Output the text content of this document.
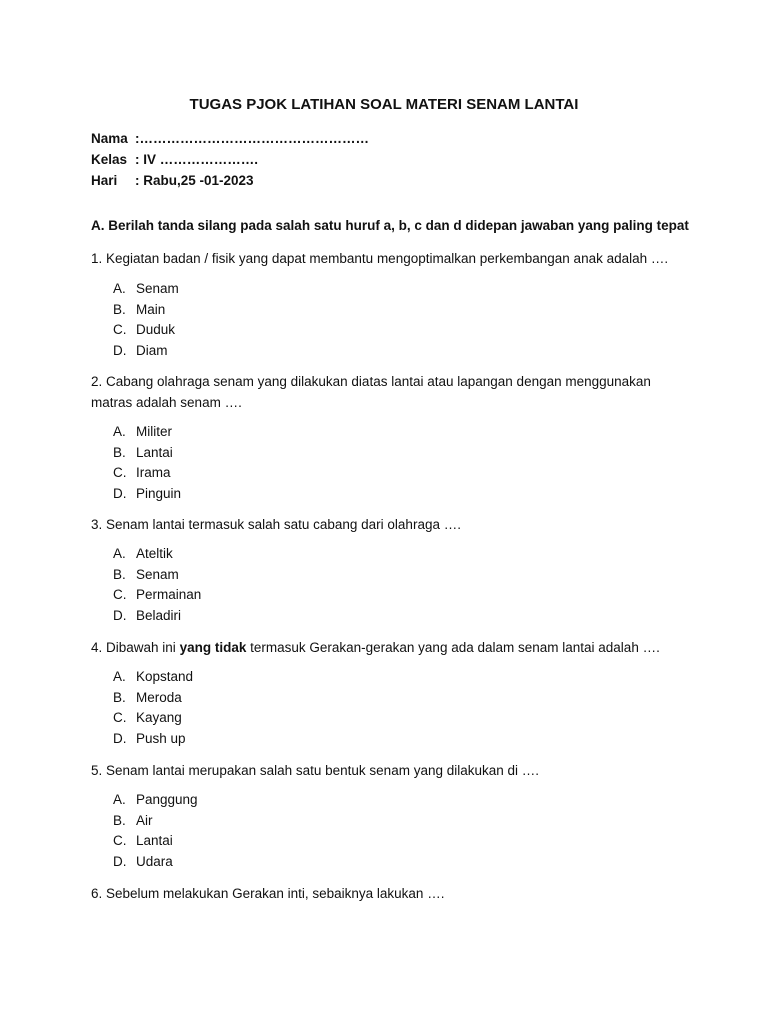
TUGAS PJOK LATIHAN SOAL MATERI SENAM LANTAI
Nama :……………………………………………
Kelas : IV ………………….
Hari : Rabu,25 -01-2023
A. Berilah tanda silang pada salah satu huruf a, b, c dan d didepan jawaban yang paling tepat
1. Kegiatan badan / fisik yang dapat membantu mengoptimalkan perkembangan anak adalah ….
A. Senam
B. Main
C. Duduk
D. Diam
2. Cabang olahraga senam yang dilakukan diatas lantai atau lapangan dengan menggunakan matras adalah senam ….
A. Militer
B. Lantai
C. Irama
D. Pinguin
3. Senam lantai termasuk salah satu cabang dari olahraga ….
A. Ateltik
B. Senam
C. Permainan
D. Beladiri
4. Dibawah ini yang tidak termasuk Gerakan-gerakan yang ada dalam senam lantai adalah ….
A. Kopstand
B. Meroda
C. Kayang
D. Push up
5. Senam lantai merupakan salah satu bentuk senam yang dilakukan di ….
A. Panggung
B. Air
C. Lantai
D. Udara
6. Sebelum melakukan Gerakan inti, sebaiknya lakukan ….
